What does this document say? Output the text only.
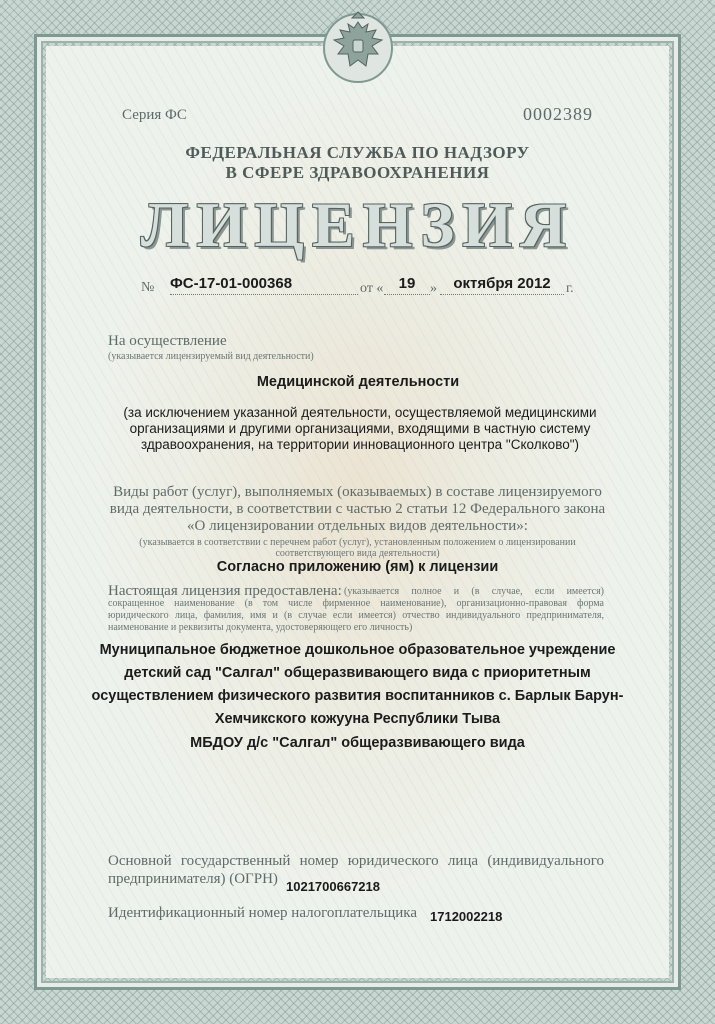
Серия ФС	0002389
ФЕДЕРАЛЬНАЯ СЛУЖБА ПО НАДЗОРУ
В СФЕРЕ ЗДРАВООХРАНЕНИЯ
ЛИЦЕНЗИЯ
№ ФС-17-01-000368	от «	19	»	октября 2012	г.
На осуществление
(указывается лицензируемый вид деятельности)
Медицинской деятельности
(за исключением указанной деятельности, осуществляемой медицинскими организациями и другими организациями, входящими в частную систему здравоохранения, на территории инновационного центра "Сколково")
Виды работ (услуг), выполняемых (оказываемых) в составе лицензируемого вида деятельности, в соответствии с частью 2 статьи 12 Федерального закона «О лицензировании отдельных видов деятельности»:
(указывается в соответствии с перечнем работ (услуг), установленным положением о лицензировании соответствующего вида деятельности)
Согласно приложению (ям) к лицензии
Настоящая лицензия предоставлена: (указывается полное и (в случае, если имеется) сокращенное наименование (в том числе фирменное наименование), организационно-правовая форма юридического лица, фамилия, имя и (в случае если имеется) отчество индивидуального предпринимателя, наименование и реквизиты документа, удостоверяющего его личность)
Муниципальное бюджетное дошкольное образовательное учреждение
детский сад "Салгал" общеразвивающего вида с приоритетным
осуществлением физического развития воспитанников с. Барлык Барун-
Хемчикского кожууна Республики Тыва
МБДОУ д/с "Салгал" общеразвивающего вида
Основной государственный номер юридического лица (индивидуального предпринимателя) (ОГРН) 1021700667218
Идентификационный номер налогоплательщика 1712002218
